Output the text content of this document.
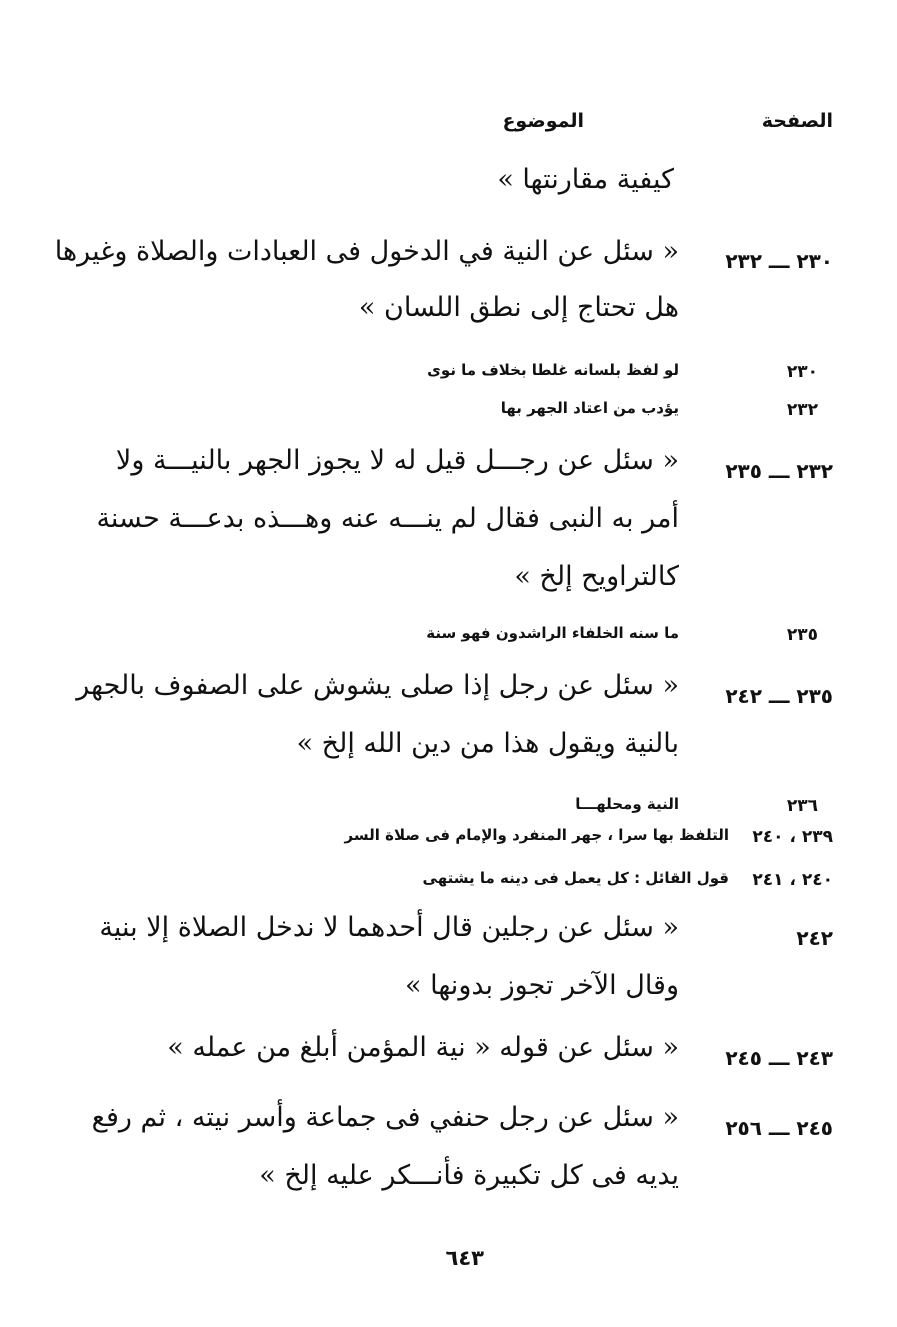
الصفحة
الموضوع
كيفية مقارنتها »
٢٣٠ ـــ ٢٣٢
« سئل عن النية في الدخول فى العبادات والصلاة وغيرها
هل تحتاج إلى نطق اللسان »
٢٣٠
لو لفظ بلسانه غلطا بخلاف ما نوى
٢٣٢
يؤدب من اعتاد الجهر بها
٢٣٢ ـــ ٢٣٥
« سئل عن رجـــل قيل له لا يجوز الجهر بالنيـــة ولا
أمر به النبى فقال لم ينـــه عنه وهـــذه بدعـــة حسنة
كالتراويح إلخ »
٢٣٥
ما سنه الخلفاء الراشدون فهو سنة
٢٣٥ ـــ ٢٤٢
« سئل عن رجل إذا صلى يشوش على الصفوف بالجهر
بالنية ويقول هذا من دين الله إلخ »
٢٣٦
النية ومحلهـــا
٢٣٩ ، ٢٤٠
التلفظ بها سرا ، جهر المنفرد والإمام فى صلاة السر
٢٤٠ ، ٢٤١
قول القائل : كل يعمل فى دينه ما يشتهى
٢٤٢
« سئل عن رجلين قال أحدهما لا ندخل الصلاة إلا بنية
وقال الآخر تجوز بدونها »
٢٤٣ ـــ ٢٤٥
« سئل عن قوله « نية المؤمن أبلغ من عمله »
٢٤٥ ـــ ٢٥٦
« سئل عن رجل حنفي فى جماعة وأسر نيته ، ثم رفع
يديه فى كل تكبيرة فأنـــكر عليه إلخ »
٦٤٣
